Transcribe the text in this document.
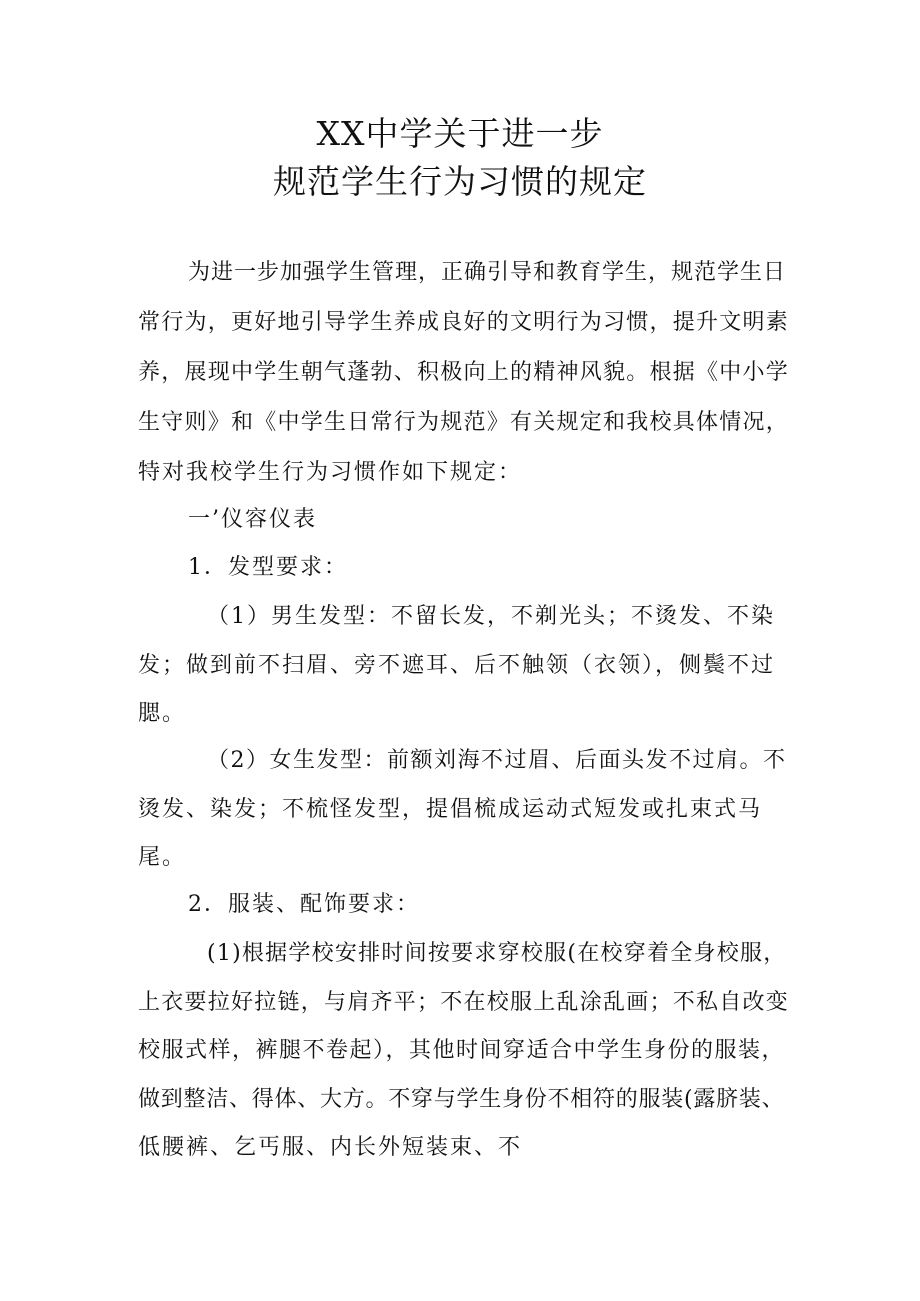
XX中学关于进一步
规范学生行为习惯的规定
为进一步加强学生管理，正确引导和教育学生，规范学生日
常行为，更好地引导学生养成良好的文明行为习惯，提升文明素
养，展现中学生朝气蓬勃、积极向上的精神风貌。根据《中小学
生守则》和《中学生日常行为规范》有关规定和我校具体情况，
特对我校学生行为习惯作如下规定：
一’仪容仪表
1．发型要求：
（1）男生发型：不留长发，不剃光头；不烫发、不染
发；做到前不扫眉、旁不遮耳、后不触领（衣领），侧鬓不过
腮。
（2）女生发型：前额刘海不过眉、后面头发不过肩。不
烫发、染发；不梳怪发型，提倡梳成运动式短发或扎束式马
尾。
2．服装、配饰要求：
(1)根据学校安排时间按要求穿校服(在校穿着全身校服，
上衣要拉好拉链，与肩齐平；不在校服上乱涂乱画；不私自改变
校服式样，裤腿不卷起），其他时间穿适合中学生身份的服装，
做到整洁、得体、大方。不穿与学生身份不相符的服装(露脐装、
低腰裤、乞丐服、内长外短装束、不
